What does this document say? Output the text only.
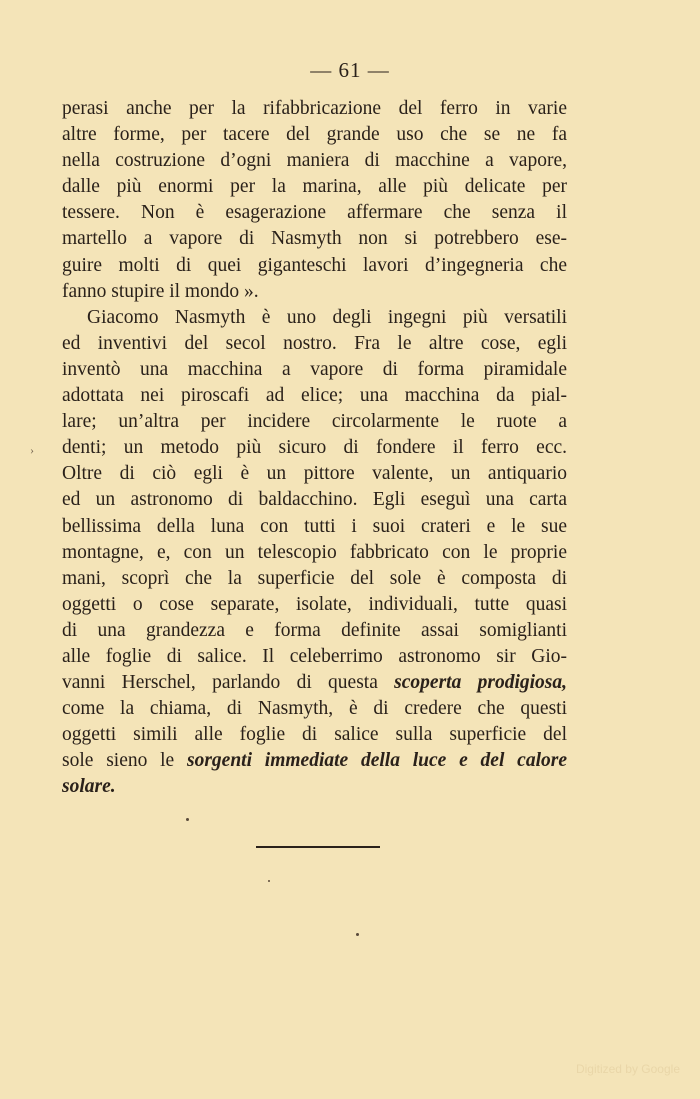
— 61 —
perasi anche per la rifabbricazione del ferro in varie
altre forme, per tacere del grande uso che se ne fa
nella costruzione d’ogni maniera di macchine a vapore,
dalle più enormi per la marina, alle più delicate per
tessere. Non è esagerazione affermare che senza il
martello a vapore di Nasmyth non si potrebbero ese-
guire molti di quei giganteschi lavori d’ingegneria che
fanno stupire il mondo ».
Giacomo Nasmyth è uno degli ingegni più versatili
ed inventivi del secol nostro. Fra le altre cose, egli
inventò una macchina a vapore di forma piramidale
adottata nei piroscafi ad elice; una macchina da pial-
lare; un’altra per incidere circolarmente le ruote a
denti; un metodo più sicuro di fondere il ferro ecc.
Oltre di ciò egli è un pittore valente, un antiquario
ed un astronomo di baldacchino. Egli eseguì una carta
bellissima della luna con tutti i suoi crateri e le sue
montagne, e, con un telescopio fabbricato con le proprie
mani, scoprì che la superficie del sole è composta di
oggetti o cose separate, isolate, individuali, tutte quasi
di una grandezza e forma definite assai somiglianti
alle foglie di salice. Il celeberrimo astronomo sir Gio-
vanni Herschel, parlando di questa scoperta prodigiosa,
come la chiama, di Nasmyth, è di credere che questi
oggetti simili alle foglie di salice sulla superficie del
sole sieno le sorgenti immediate della luce e del calore
solare.
›
Digitized by Google
